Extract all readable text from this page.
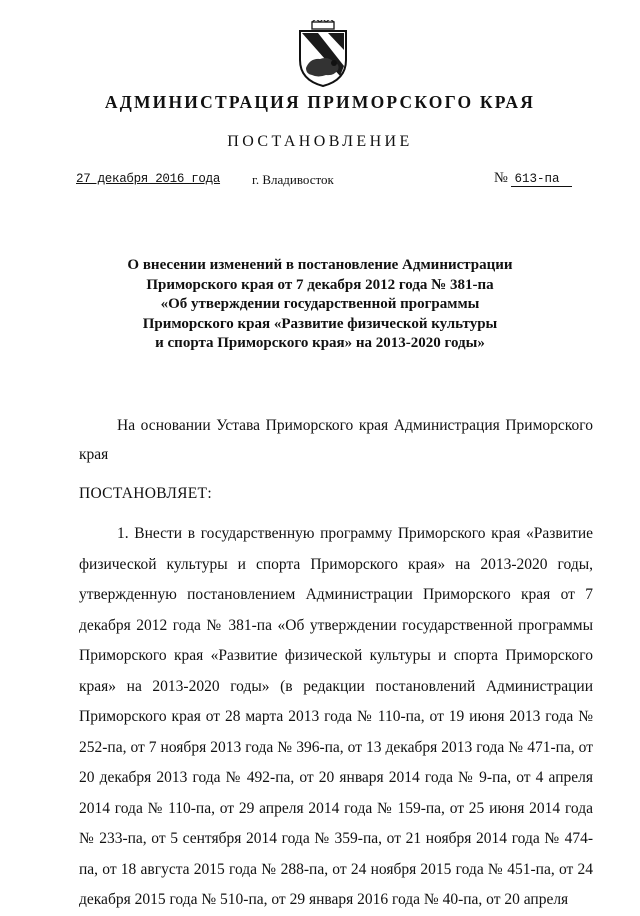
АДМИНИСТРАЦИЯ ПРИМОРСКОГО КРАЯ
ПОСТАНОВЛЕНИЕ
27 декабря 2016 года г. Владивосток	№ 613-па
О внесении изменений в постановление Администрации
Приморского края от 7 декабря 2012 года № 381-па
«Об утверждении государственной программы
Приморского края «Развитие физической культуры
и спорта Приморского края» на 2013-2020 годы»
На основании Устава Приморского края Администрация Приморского края
ПОСТАНОВЛЯЕТ:
1. Внести в государственную программу Приморского края «Развитие физической культуры и спорта Приморского края» на 2013-2020 годы, утвержденную постановлением Администрации Приморского края от 7 декабря 2012 года № 381-па «Об утверждении государственной программы Приморского края «Развитие физической культуры и спорта Приморского края» на 2013-2020 годы» (в редакции постановлений Администрации Приморского края от 28 марта 2013 года № 110-па, от 19 июня 2013 года № 252-па, от 7 ноября 2013 года № 396-па, от 13 декабря 2013 года № 471-па, от 20 декабря 2013 года № 492-па, от 20 января 2014 года № 9-па, от 4 апреля 2014 года № 110-па, от 29 апреля 2014 года № 159-па, от 25 июня 2014 года № 233-па, от 5 сентября 2014 года № 359-па, от 21 ноября 2014 года № 474-па, от 18 августа 2015 года № 288-па, от 24 ноября 2015 года № 451-па, от 24 декабря 2015 года № 510-па, от 29 января 2016 года № 40-па, от 20 апреля
